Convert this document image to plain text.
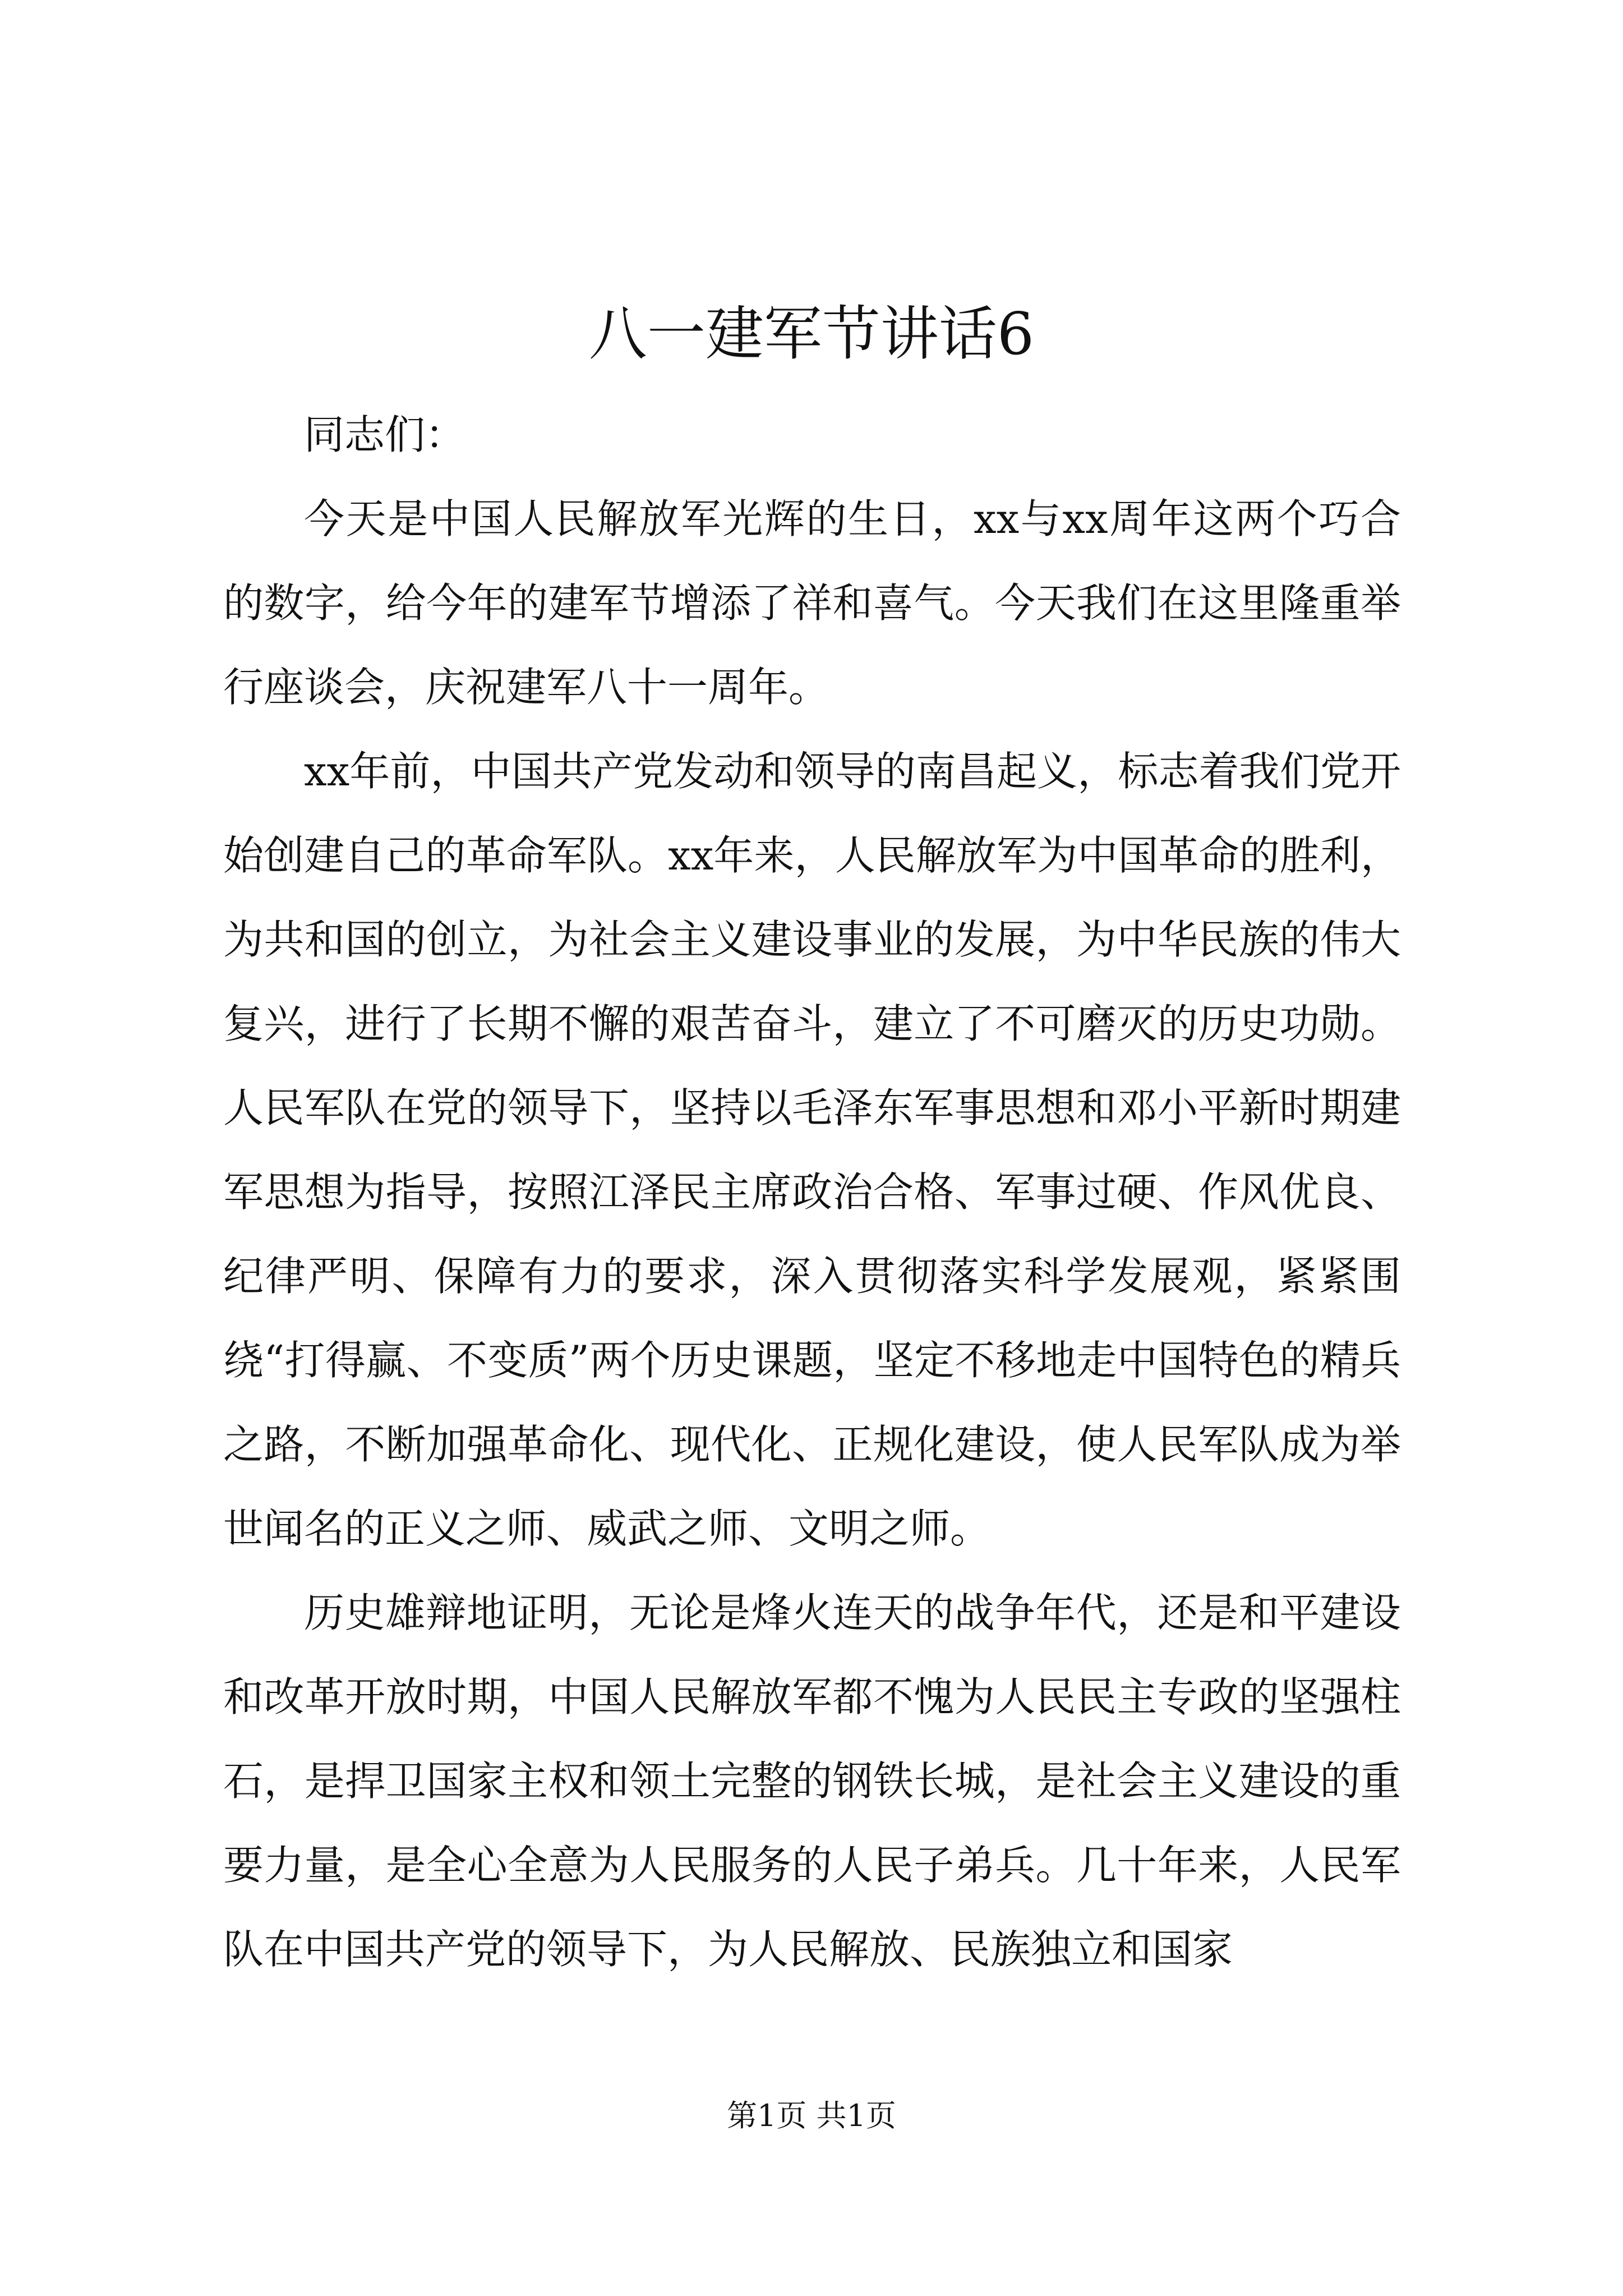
八一建军节讲话6

同志们：

今天是中国人民解放军光辉的生日，xx与xx周年这两个巧合的数字，给今年的建军节增添了祥和喜气。今天我们在这里隆重举行座谈会，庆祝建军八十一周年。

xx年前，中国共产党发动和领导的南昌起义，标志着我们党开始创建自己的革命军队。xx年来，人民解放军为中国革命的胜利，为共和国的创立，为社会主义建设事业的发展，为中华民族的伟大复兴，进行了长期不懈的艰苦奋斗，建立了不可磨灭的历史功勋。人民军队在党的领导下，坚持以毛泽东军事思想和邓小平新时期建军思想为指导，按照江泽民主席政治合格、军事过硬、作风优良、纪律严明、保障有力的要求，深入贯彻落实科学发展观，紧紧围绕“打得赢、不变质”两个历史课题，坚定不移地走中国特色的精兵之路，不断加强革命化、现代化、正规化建设，使人民军队成为举世闻名的正义之师、威武之师、文明之师。

历史雄辩地证明，无论是烽火连天的战争年代，还是和平建设和改革开放时期，中国人民解放军都不愧为人民民主专政的坚强柱石，是捍卫国家主权和领土完整的钢铁长城，是社会主义建设的重要力量，是全心全意为人民服务的人民子弟兵。几十年来，人民军队在中国共产党的领导下，为人民解放、民族独立和国家

第1页 共1页
